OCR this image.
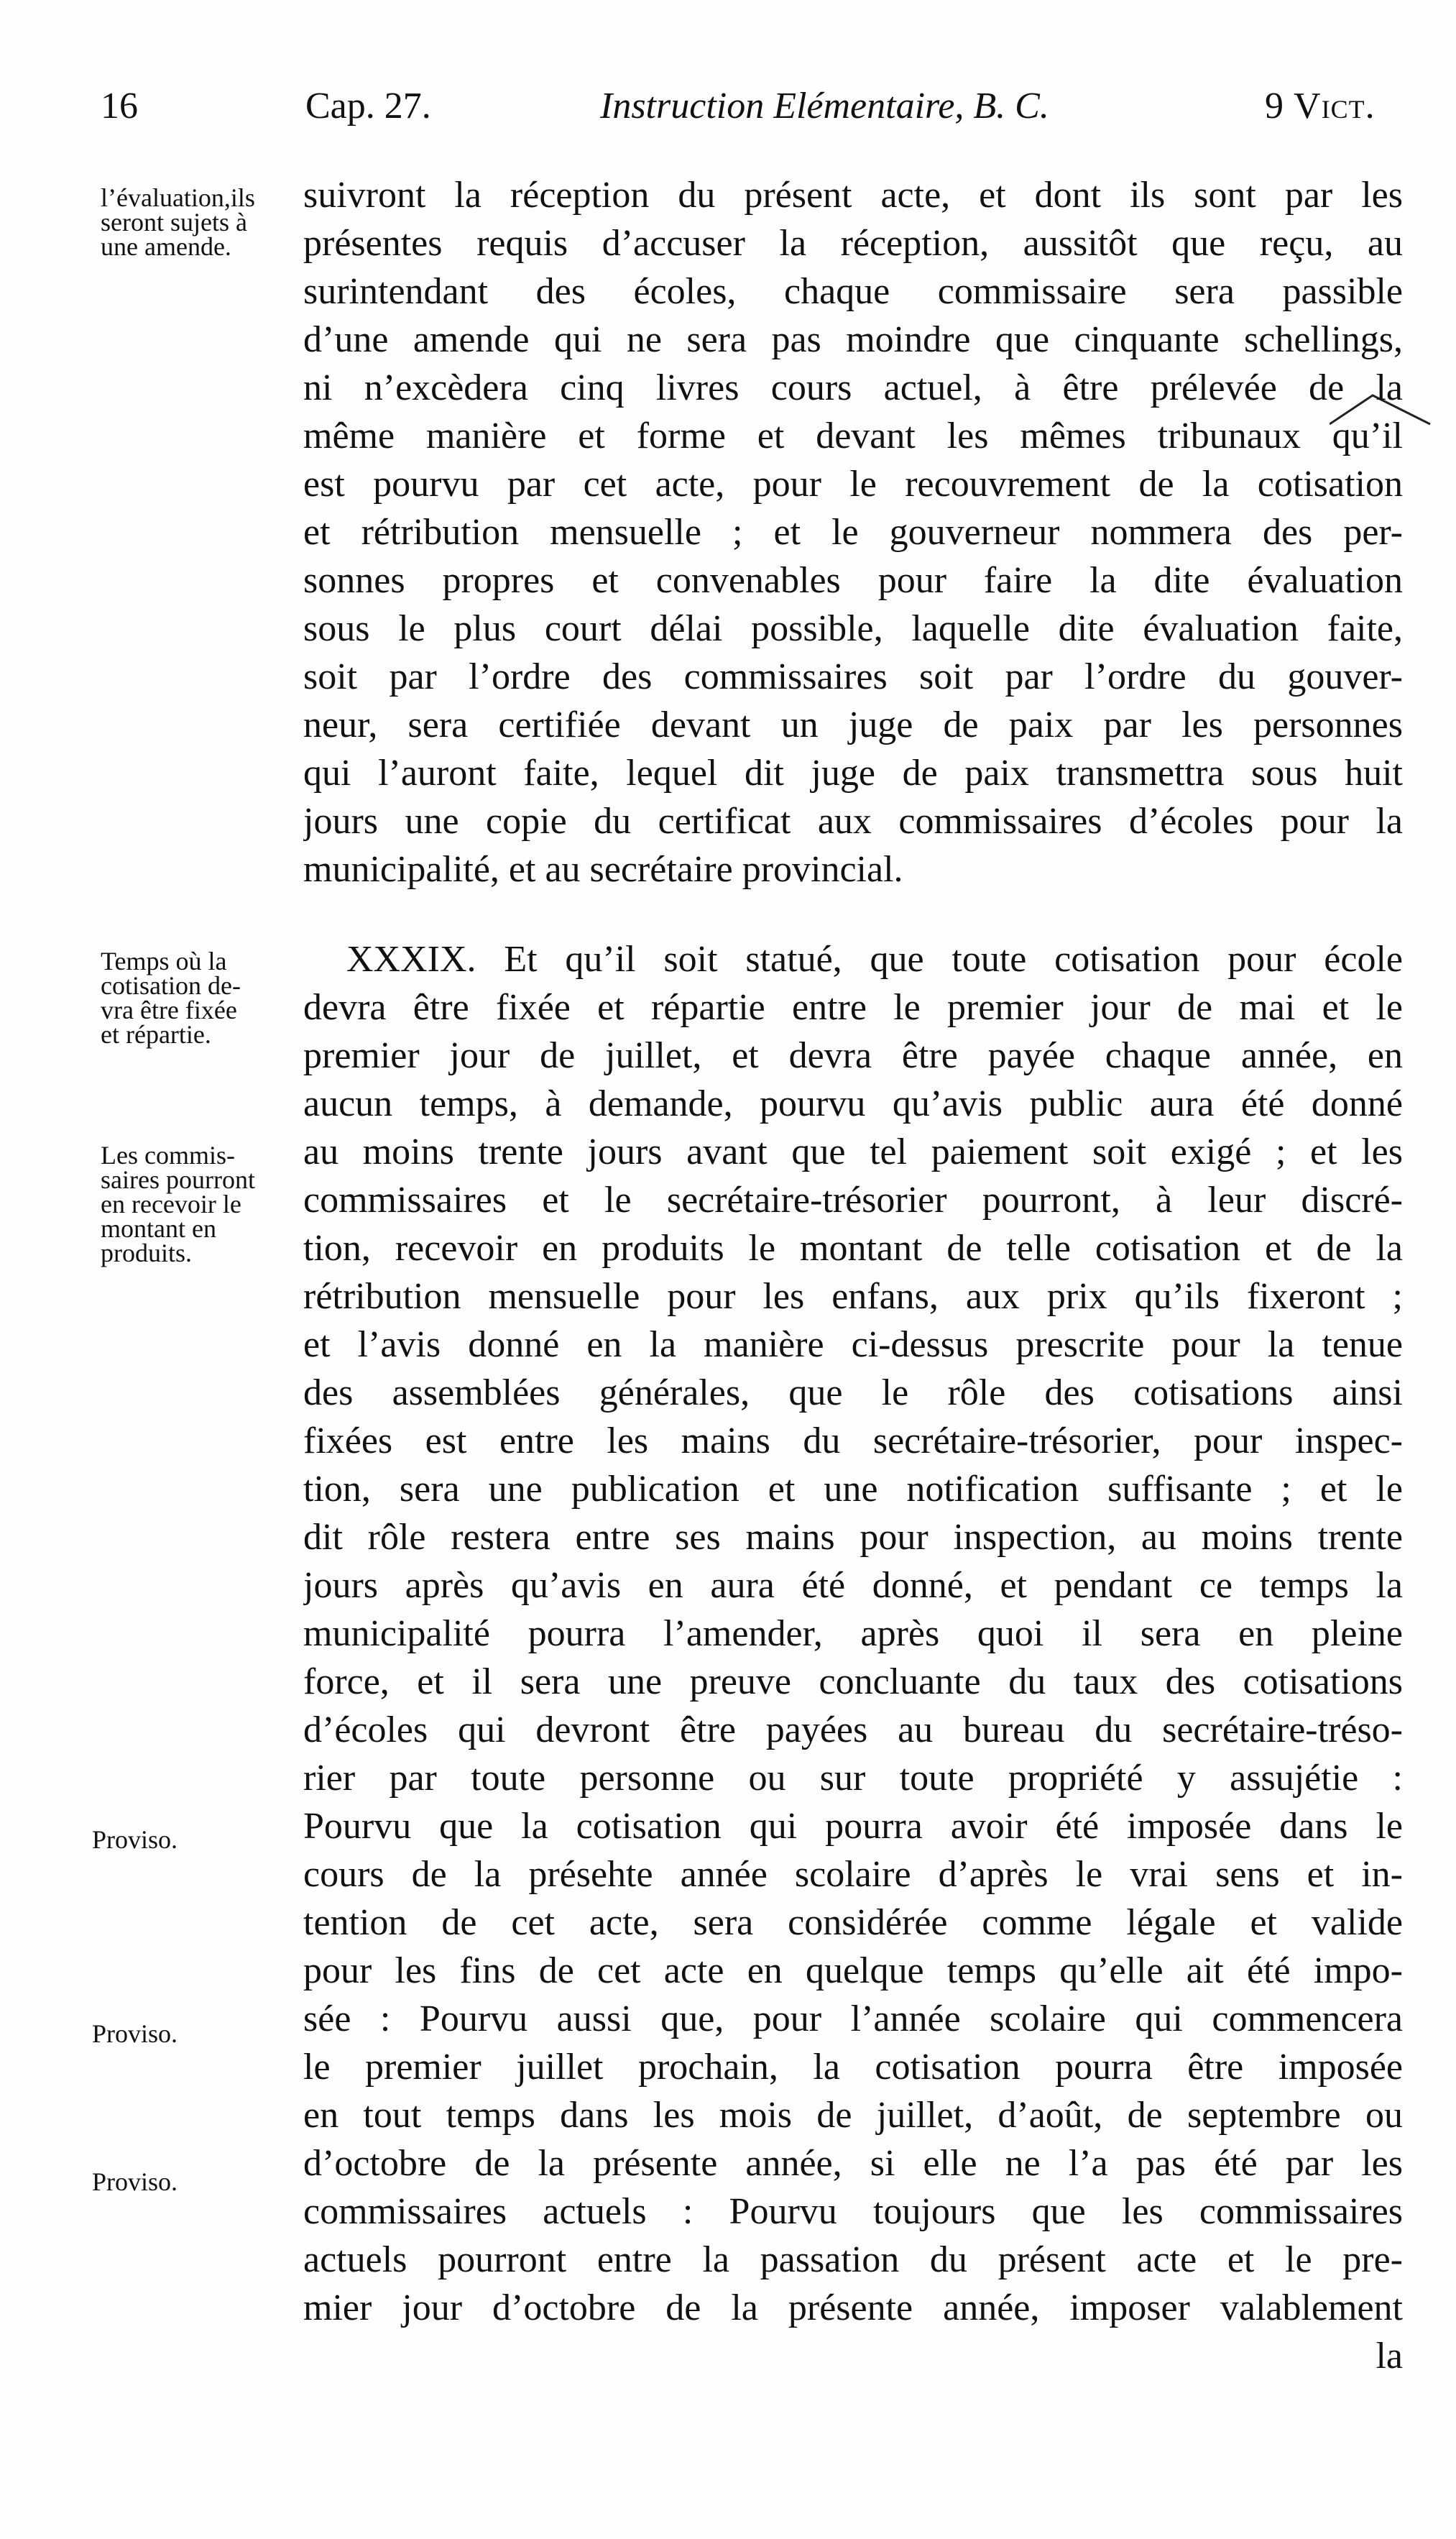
16	Cap. 27.	Instruction Elémentaire, B. C.	9 Vict.
l’évaluation,ils
seront sujets à
une amende.
Temps où la
cotisation de-
vra être fixée
et répartie.
Les commis-
saires pourront
en recevoir le
montant en
produits.
Proviso.
Proviso.
Proviso.
suivront la réception du présent acte, et dont ils sont par les
présentes requis d’accuser la réception, aussitôt que reçu, au
surintendant des écoles, chaque commissaire sera passible
d’une amende qui ne sera pas moindre que cinquante schellings,
ni n’excèdera cinq livres cours actuel, à être prélevée de la
même manière et forme et devant les mêmes tribunaux qu’il
est pourvu par cet acte, pour le recouvrement de la cotisation
et rétribution mensuelle ; et le gouverneur nommera des per-
sonnes propres et convenables pour faire la dite évaluation
sous le plus court délai possible, laquelle dite évaluation faite,
soit par l’ordre des commissaires soit par l’ordre du gouver-
neur, sera certifiée devant un juge de paix par les personnes
qui l’auront faite, lequel dit juge de paix transmettra sous huit
jours une copie du certificat aux commissaires d’écoles pour la
municipalité, et au secrétaire provincial.
XXXIX. Et qu’il soit statué, que toute cotisation pour école
devra être fixée et répartie entre le premier jour de mai et le
premier jour de juillet, et devra être payée chaque année, en
aucun temps, à demande, pourvu qu’avis public aura été donné
au moins trente jours avant que tel paiement soit exigé ; et les
commissaires et le secrétaire-trésorier pourront, à leur discré-
tion, recevoir en produits le montant de telle cotisation et de la
rétribution mensuelle pour les enfans, aux prix qu’ils fixeront ;
et l’avis donné en la manière ci-dessus prescrite pour la tenue
des assemblées générales, que le rôle des cotisations ainsi
fixées est entre les mains du secrétaire-trésorier, pour inspec-
tion, sera une publication et une notification suffisante ; et le
dit rôle restera entre ses mains pour inspection, au moins trente
jours après qu’avis en aura été donné, et pendant ce temps la
municipalité pourra l’amender, après quoi il sera en pleine
force, et il sera une preuve concluante du taux des cotisations
d’écoles qui devront être payées au bureau du secrétaire-tréso-
rier par toute personne ou sur toute propriété y assujétie :
Pourvu que la cotisation qui pourra avoir été imposée dans le
cours de la présehte année scolaire d’après le vrai sens et in-
tention de cet acte, sera considérée comme légale et valide
pour les fins de cet acte en quelque temps qu’elle ait été impo-
sée : Pourvu aussi que, pour l’année scolaire qui commencera
le premier juillet prochain, la cotisation pourra être imposée
en tout temps dans les mois de juillet, d’août, de septembre ou
d’octobre de la présente année, si elle ne l’a pas été par les
commissaires actuels : Pourvu toujours que les commissaires
actuels pourront entre la passation du présent acte et le pre-
mier jour d’octobre de la présente année, imposer valablement
la
